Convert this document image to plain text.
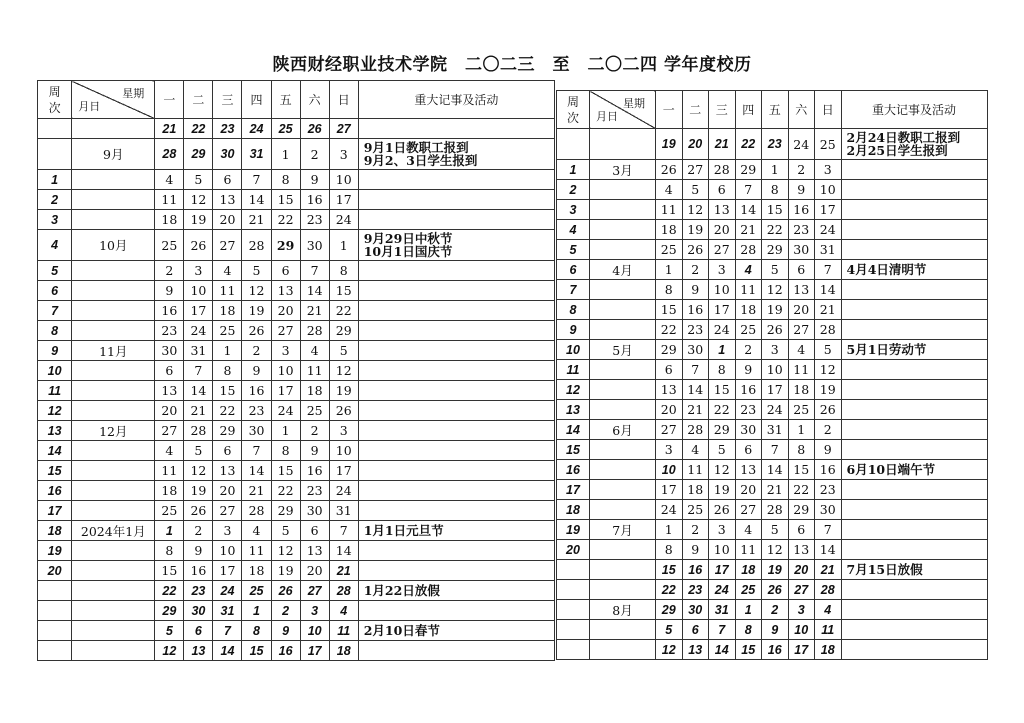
陕西财经职业技术学院　二〇二三　至　二〇二四 学年度校历
周
次	星期
月日	一	二	三	四	五	六	日	重大记事及活动
		21	22	23	24	25	26	27	
	9月	28	29	30	31	1	2	3	9月1日教职工报到
9月2、3日学生报到

1		4	5	6	7	8	9	10	
2		11	12	13	14	15	16	17	
3		18	19	20	21	22	23	24	
4	10月	25	26	27	28	29	30	1	9月29日中秋节
10月1日国庆节

5		2	3	4	5	6	7	8	
6		9	10	11	12	13	14	15	
7		16	17	18	19	20	21	22	
8		23	24	25	26	27	28	29	
9	11月	30	31	1	2	3	4	5	
10		6	7	8	9	10	11	12	
11		13	14	15	16	17	18	19	
12		20	21	22	23	24	25	26	
13	12月	27	28	29	30	1	2	3	
14		4	5	6	7	8	9	10	
15		11	12	13	14	15	16	17	
16		18	19	20	21	22	23	24	
17		25	26	27	28	29	30	31	
18	2024年1月	1	2	3	4	5	6	7	1月1日元旦节

19		8	9	10	11	12	13	14	
20		15	16	17	18	19	20	21	
		22	23	24	25	26	27	28	1月22日放假

		29	30	31	1	2	3	4	
		5	6	7	8	9	10	11	2月10日春节

		12	13	14	15	16	17	18	
周
次	星期
月日	一	二	三	四	五	六	日	重大记事及活动
		19	20	21	22	23	24	25	2月24日教职工报到
2月25日学生报到

1	3月	26	27	28	29	1	2	3	
2		4	5	6	7	8	9	10	
3		11	12	13	14	15	16	17	
4		18	19	20	21	22	23	24	
5		25	26	27	28	29	30	31	
6	4月	1	2	3	4	5	6	7	4月4日清明节

7		8	9	10	11	12	13	14	
8		15	16	17	18	19	20	21	
9		22	23	24	25	26	27	28	
10	5月	29	30	1	2	3	4	5	5月1日劳动节

11		6	7	8	9	10	11	12	
12		13	14	15	16	17	18	19	
13		20	21	22	23	24	25	26	
14	6月	27	28	29	30	31	1	2	
15		3	4	5	6	7	8	9	
16		10	11	12	13	14	15	16	6月10日端午节

17		17	18	19	20	21	22	23	
18		24	25	26	27	28	29	30	
19	7月	1	2	3	4	5	6	7	
20		8	9	10	11	12	13	14	
		15	16	17	18	19	20	21	7月15日放假

		22	23	24	25	26	27	28	
	8月	29	30	31	1	2	3	4	
		5	6	7	8	9	10	11	
		12	13	14	15	16	17	18	
